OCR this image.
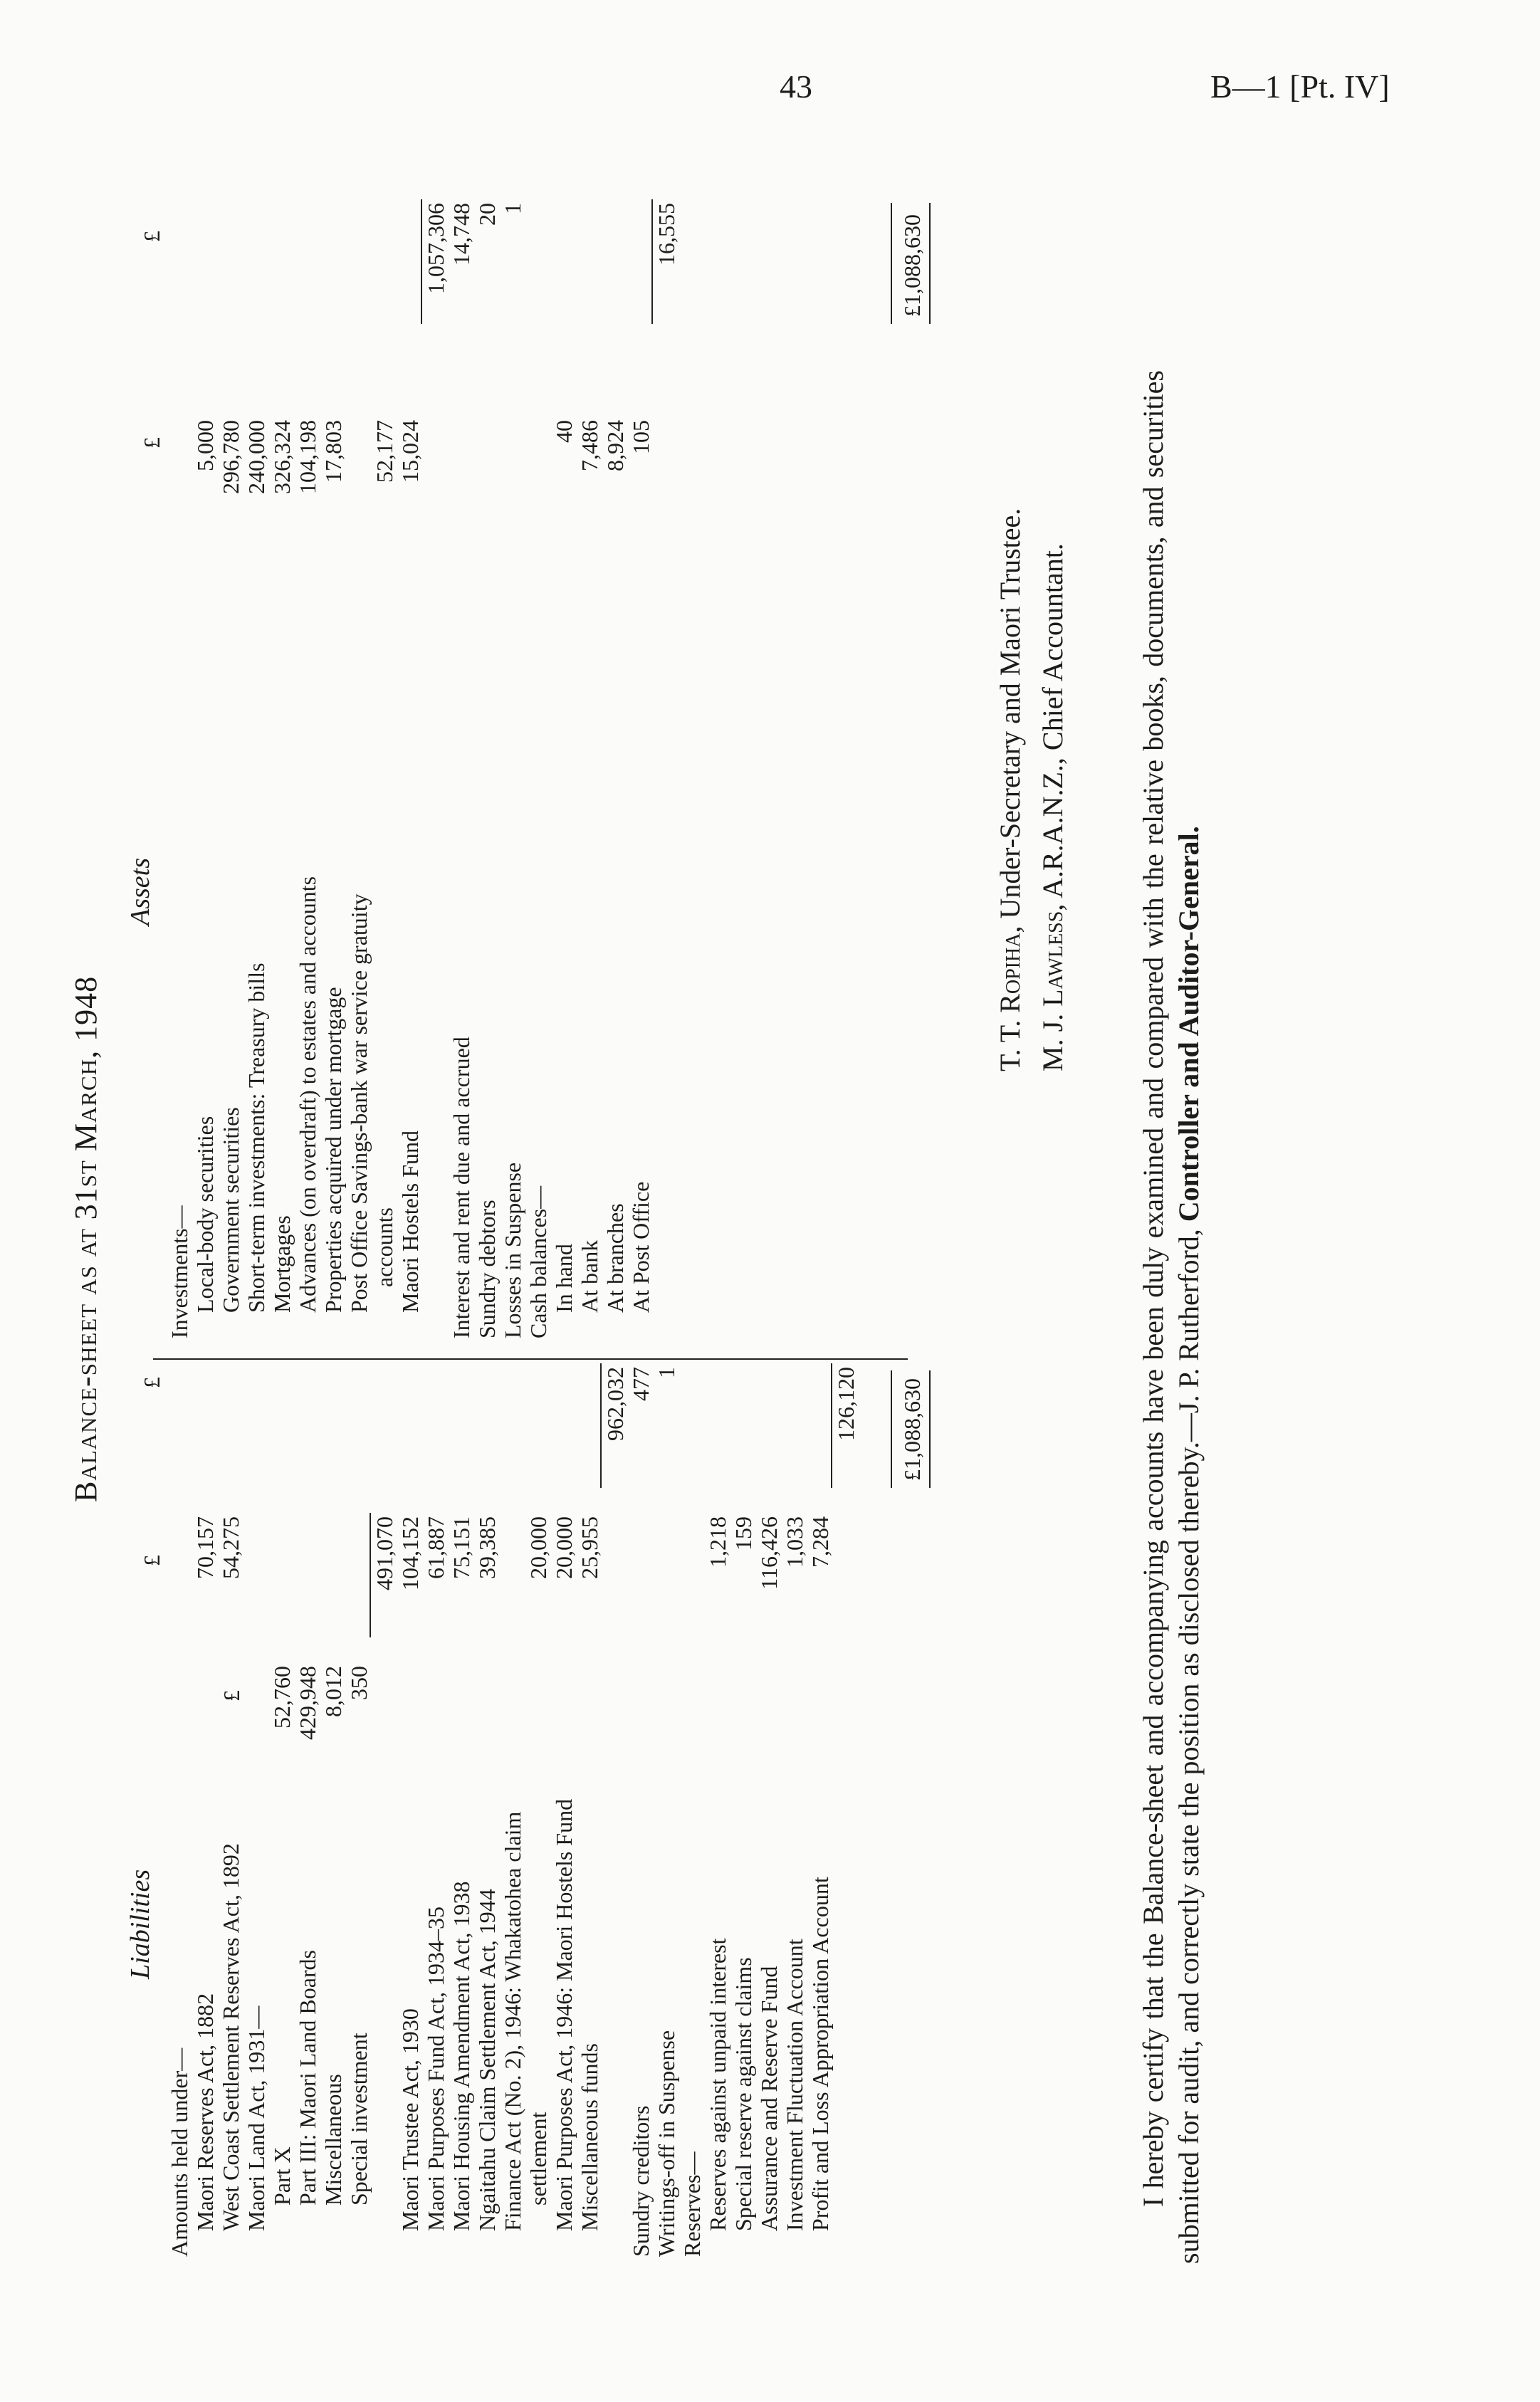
43	B—1 [Pt. IV]
Balance-sheet as at 31st March, 1948
Liabilities
£
£
£
Amounts held under— Maori Reserves Act, 1882
70,157
West Coast Settlement Reserves Act, 1892
54,275
Maori Land Act, 1931— Part X
52,760
Part III: Maori Land Boards
429,948
Miscellaneous
8,012
Special investment
350
491,070
Maori Trustee Act, 1930
104,152
Maori Purposes Fund Act, 1934–35
61,887
Maori Housing Amendment Act, 1938
75,151
Ngaitahu Claim Settlement Act, 1944
39,385
Finance Act (No. 2), 1946: Whakatohea claim settlement
20,000
Maori Purposes Act, 1946: Maori Hostels Fund
20,000
Miscellaneous funds
25,955
962,032
Sundry creditors
477
Writings-off in Suspense
1
Reserves— Reserves against unpaid interest
1,218
Special reserve against claims
159
Assurance and Reserve Fund
116,426
Investment Fluctuation Account
1,033
Profit and Loss Appropriation Account
7,284
126,120 £1,088,630
Assets
£
£
Investments— Local-body securities
5,000
Government securities
296,780
Short-term investments: Treasury bills
240,000
Mortgages
326,324
Advances (on overdraft) to estates and accounts
104,198
Properties acquired under mortgage
17,803
Post Office Savings-bank war service gratuity accounts
52,177
Maori Hostels Fund
15,024
1,057,306
Interest and rent due and accrued
14,748
Sundry debtors
20
Losses in Suspense
1
Cash balances— In hand
40
At bank
7,486
At branches
8,924
At Post Office
105
16,555	£1,088,630
T. T. Ropiha, Under-Secretary and Maori Trustee.
M. J. Lawless, A.R.A.N.Z., Chief Accountant. I hereby certify that the Balance-sheet and accompanying accounts have been duly examined and compared with the relative books, documents, and securities submitted for audit, and correctly state the position as disclosed thereby.—J. P. Rutherford, Controller and Auditor-General.
